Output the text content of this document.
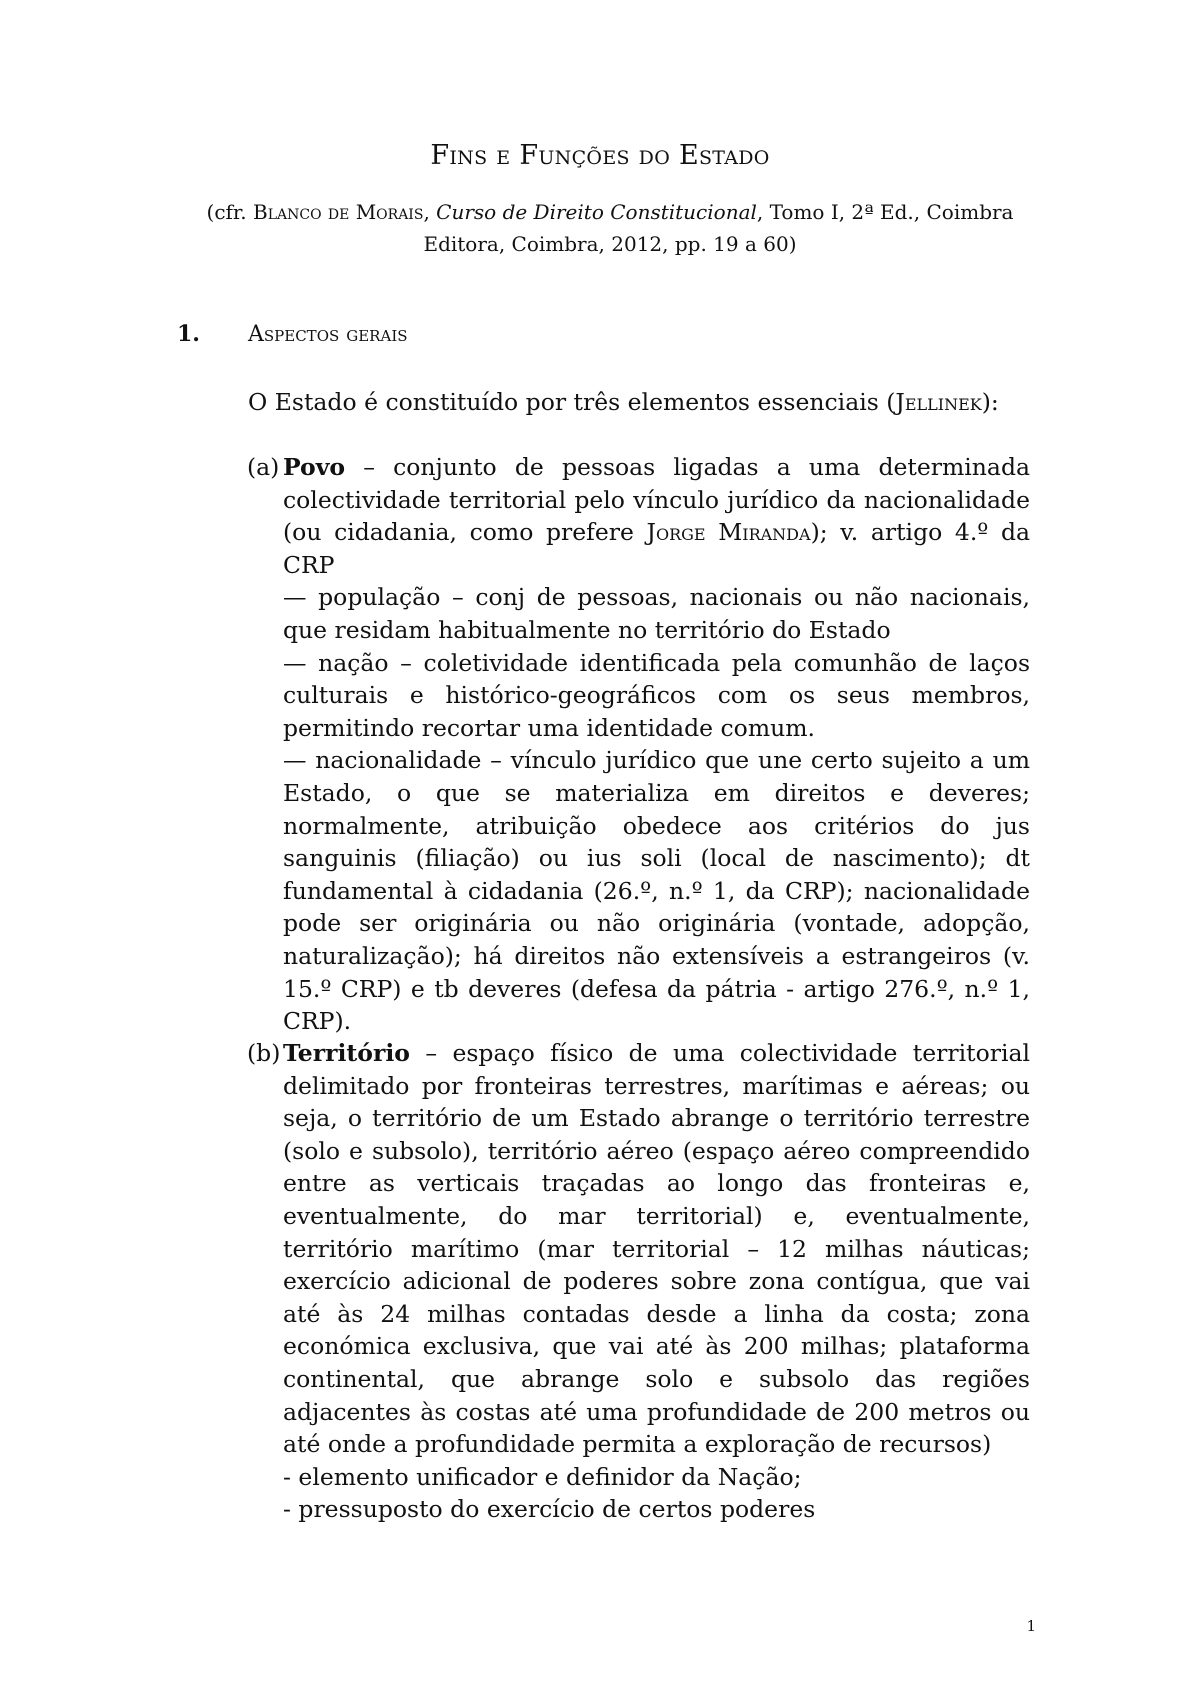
Fins e Funções do Estado
(cfr. Blanco de Morais, Curso de Direito Constitucional, Tomo I, 2ª Ed., Coimbra
Editora, Coimbra, 2012, pp. 19 a 60)
1. Aspectos gerais
O Estado é constituído por três elementos essenciais (Jellinek):
(a) Povo – conjunto de pessoas ligadas a uma determinada colectividade territorial pelo vínculo jurídico da nacionalidade (ou cidadania, como prefere Jorge Miranda); v. artigo 4.º da CRP

— população – conj de pessoas, nacionais ou não nacionais, que residam habitualmente no território do Estado

— nação – coletividade identificada pela comunhão de laços culturais e histórico-geográficos com os seus membros, permitindo recortar uma identidade comum.

— nacionalidade – vínculo jurídico que une certo sujeito a um Estado, o que se materializa em direitos e deveres; normalmente, atribuição obedece aos critérios do jus sanguinis (filiação) ou ius soli (local de nascimento); dt fundamental à cidadania (26.º, n.º 1, da CRP); nacionalidade pode ser originária ou não originária (vontade, adopção, naturalização); há direitos não extensíveis a estrangeiros (v. 15.º CRP) e tb deveres (defesa da pátria - artigo 276.º, n.º 1, CRP).

(b) Território – espaço físico de uma colectividade territorial delimitado por fronteiras terrestres, marítimas e aéreas; ou seja, o território de um Estado abrange o território terrestre (solo e subsolo), território aéreo (espaço aéreo compreendido entre as verticais traçadas ao longo das fronteiras e, eventualmente, do mar territorial) e, eventualmente, território marítimo (mar territorial – 12 milhas náuticas; exercício adicional de poderes sobre zona contígua, que vai até às 24 milhas contadas desde a linha da costa; zona económica exclusiva, que vai até às 200 milhas; plataforma continental, que abrange solo e subsolo das regiões adjacentes às costas até uma profundidade de 200 metros ou até onde a profundidade permita a exploração de recursos)

- elemento unificador e definidor da Nação;

- pressuposto do exercício de certos poderes

1
